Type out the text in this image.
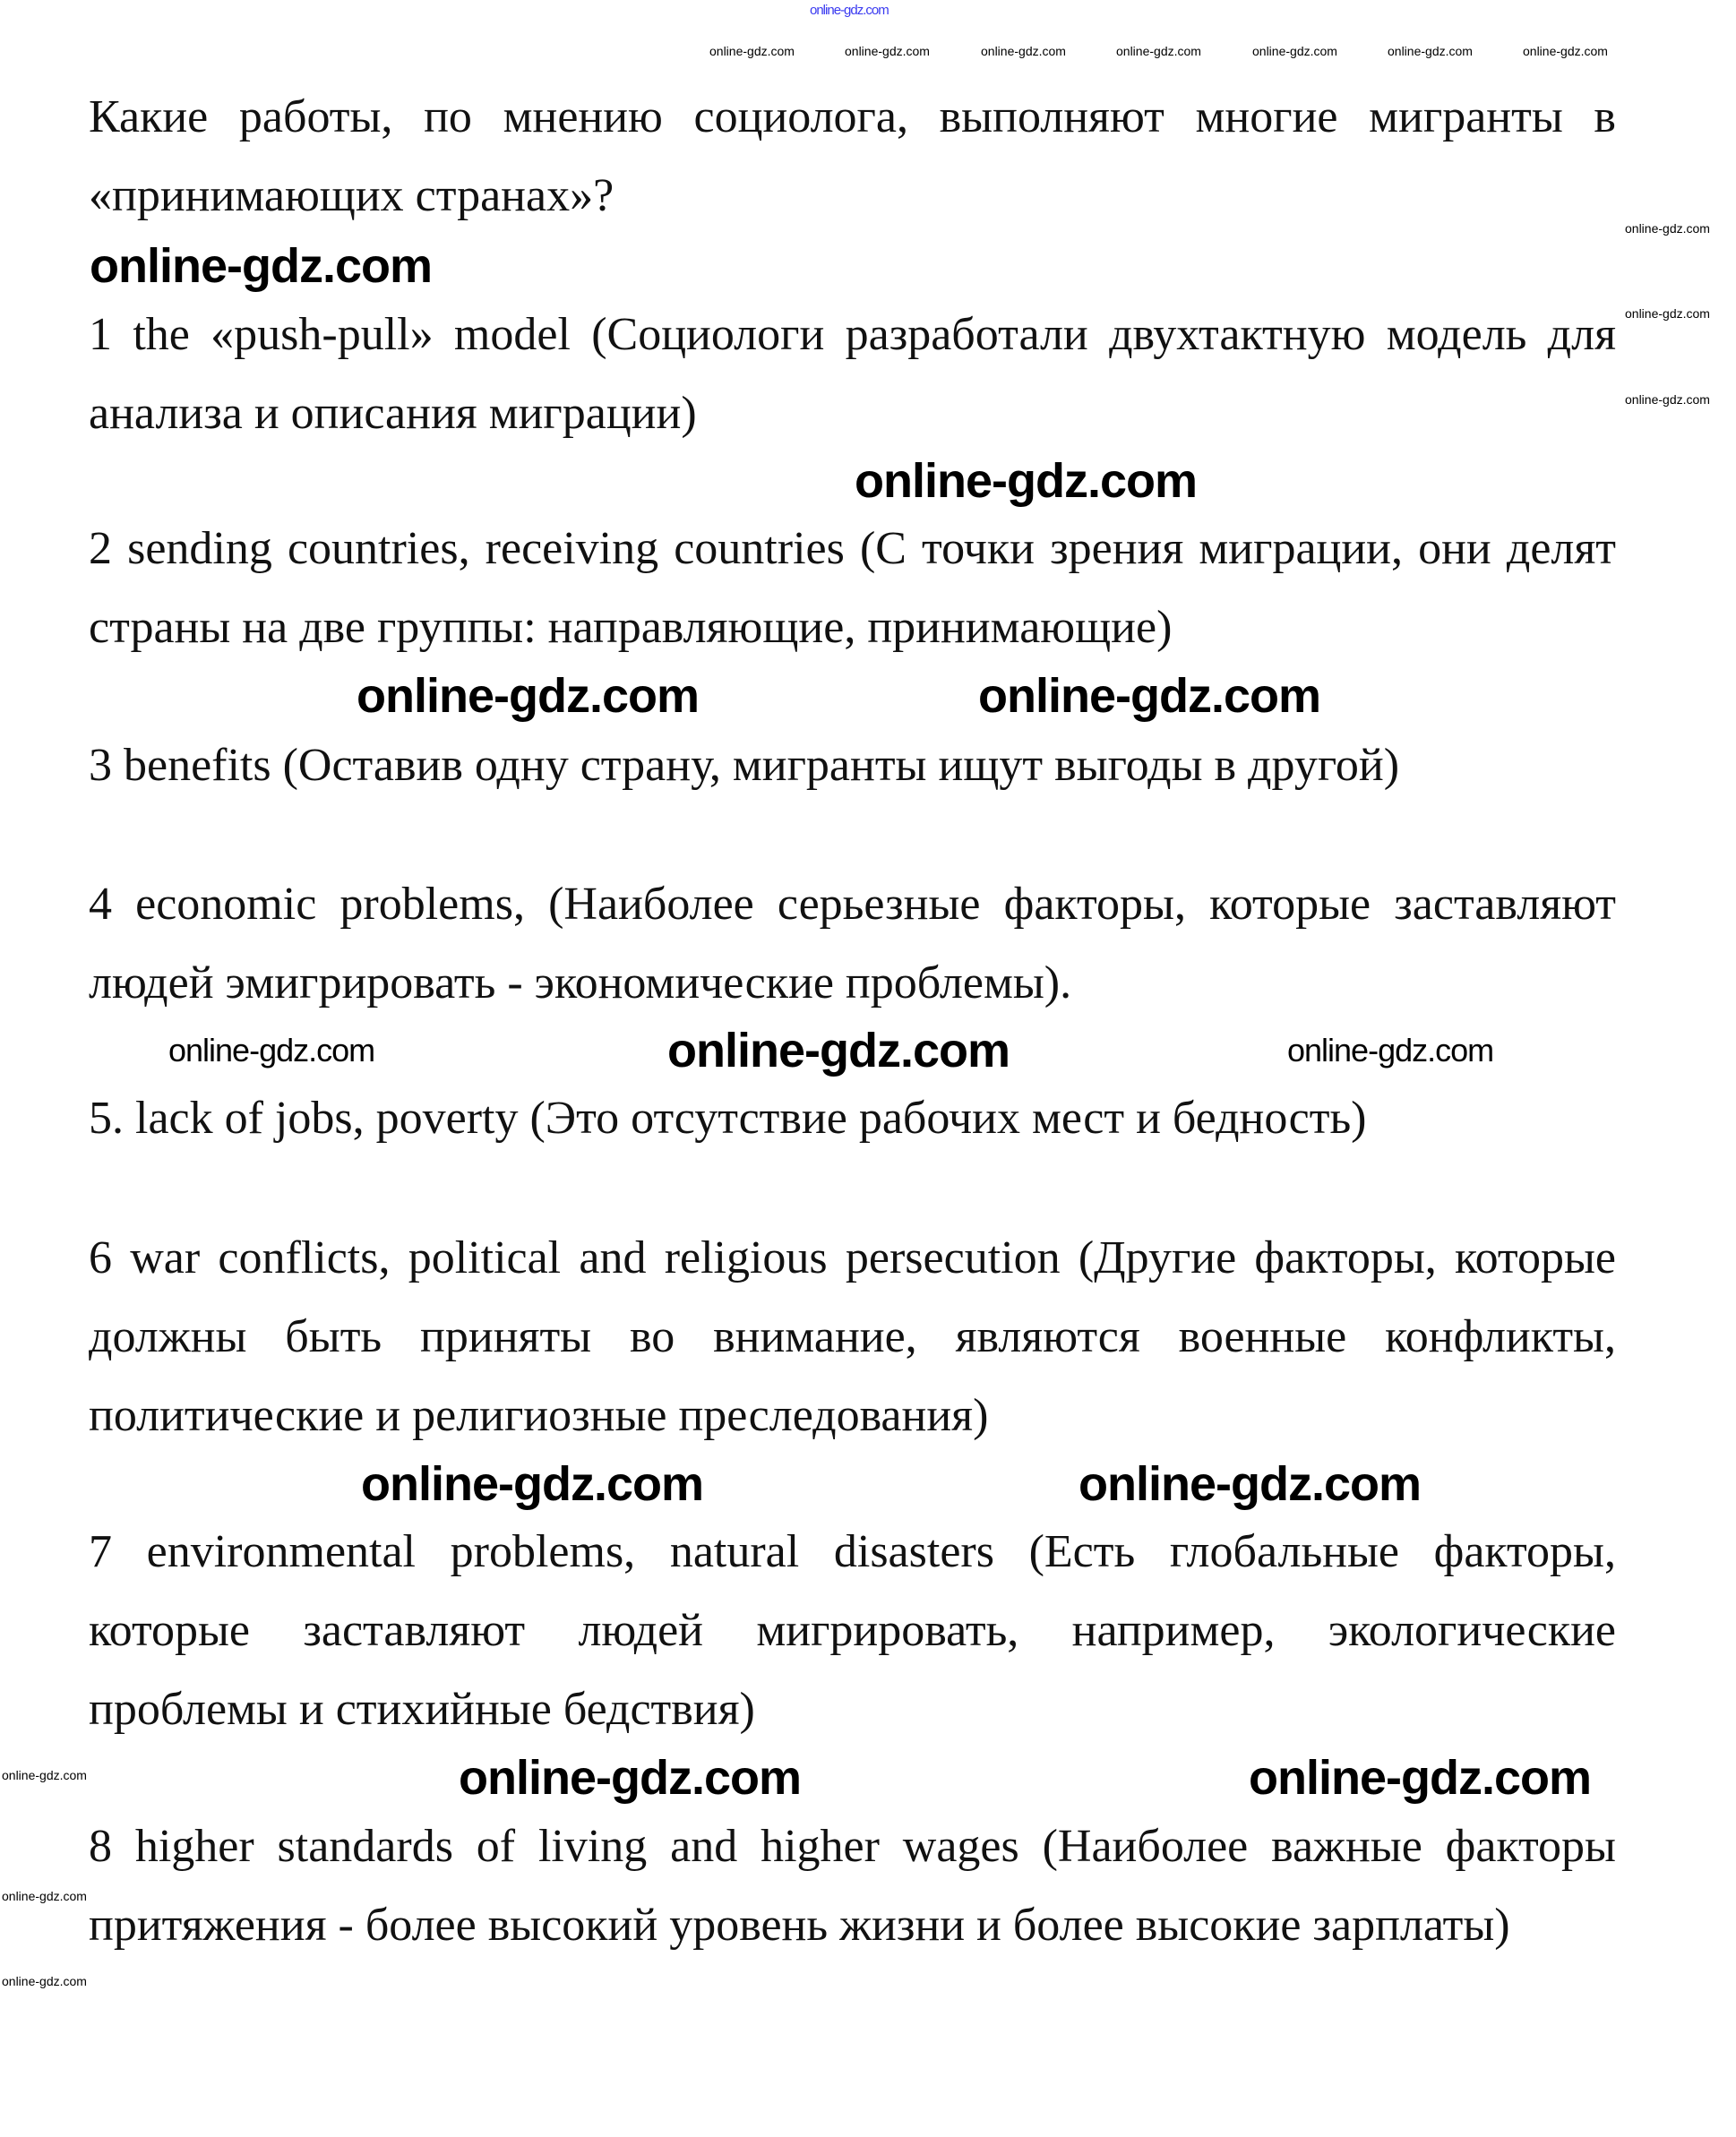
online-gdz.com

Какие работы, по мнению социолога, выполняют многие мигранты в «принимающих странах»?

1 the «push-pull» model (Социологи разработали двухтактную модель для анализа и описания миграции)

2 sending countries, receiving countries (С точки зрения миграции, они делят страны на две группы: направляющие, принимающие)

3 benefits (Оставив одну страну, мигранты ищут выгоды в другой)

4 economic problems, (Наиболее серьезные факторы, которые заставляют людей эмигрировать - экономические проблемы).

5. lack of jobs, poverty (Это отсутствие рабочих мест и бедность)

6 war conflicts, political and religious persecution (Другие факторы, которые должны быть приняты во внимание, являются военные конфликты, политические и религиозные преследования)

7 environmental problems, natural disasters (Есть глобальные факторы, которые заставляют людей мигрировать, например, экологические проблемы и стихийные бедствия)

8 higher standards of living and higher wages (Наиболее важные факторы притяжения - более высокий уровень жизни и более высокие зарплаты)

online-gdz.com
online-gdz.com
online-gdz.com	online-gdz.com
online-gdz.com
online-gdz.com	online-gdz.com
online-gdz.com	online-gdz.com
online-gdz.com
online-gdz.com
online-gdz.com	online-gdz.com	online-gdz.com	online-gdz.com	online-gdz.com	online-gdz.com	online-gdz.com
online-gdz.com
online-gdz.com
online-gdz.com
online-gdz.com
online-gdz.com
online-gdz.com
